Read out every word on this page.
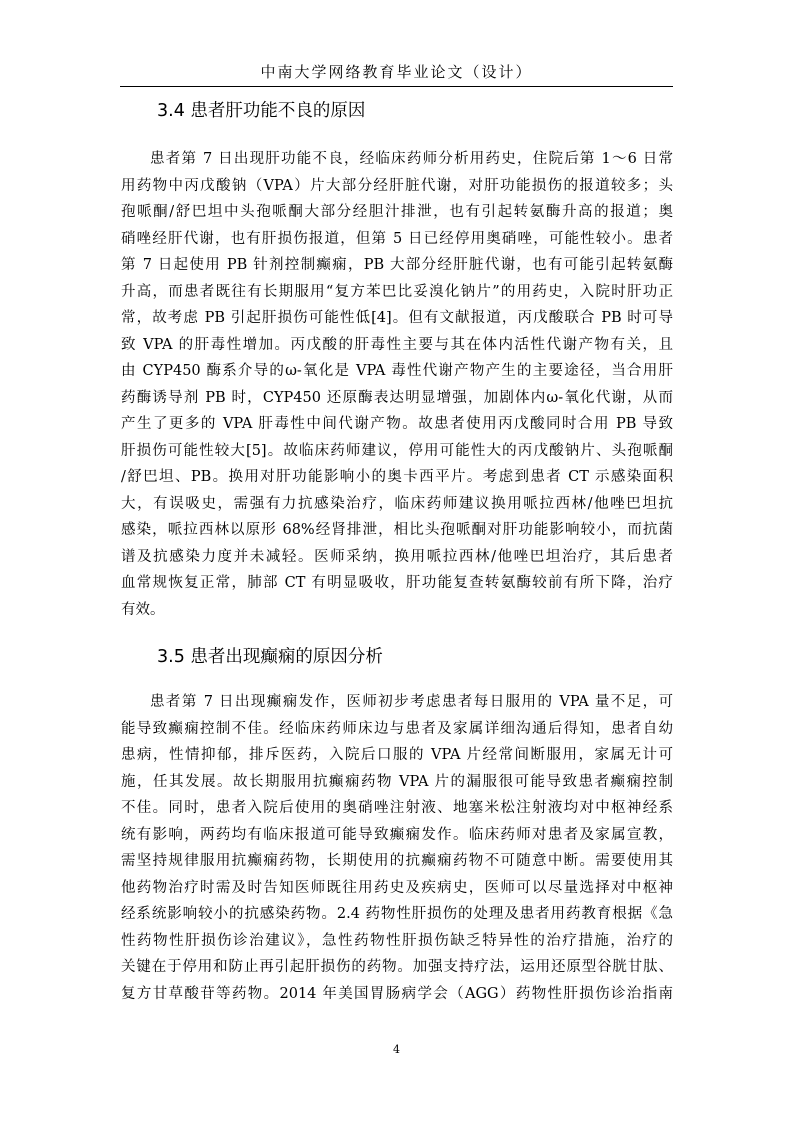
中南大学网络教育毕业论文（设计）
3.4 患者肝功能不良的原因
患者第 7 日出现肝功能不良，经临床药师分析用药史，住院后第 1～6 日常
用药物中丙戊酸钠（VPA）片大部分经肝脏代谢，对肝功能损伤的报道较多；头
孢哌酮/舒巴坦中头孢哌酮大部分经胆汁排泄，也有引起转氨酶升高的报道；奥
硝唑经肝代谢，也有肝损伤报道，但第 5 日已经停用奥硝唑，可能性较小。患者
第 7 日起使用 PB 针剂控制癫痫，PB 大部分经肝脏代谢，也有可能引起转氨酶
升高，而患者既往有长期服用“复方苯巴比妥溴化钠片”的用药史，入院时肝功正
常，故考虑 PB 引起肝损伤可能性低[4]。但有文献报道，丙戊酸联合 PB 时可导
致 VPA 的肝毒性增加。丙戊酸的肝毒性主要与其在体内活性代谢产物有关，且
由 CYP450 酶系介导的ω-氧化是 VPA 毒性代谢产物产生的主要途径，当合用肝
药酶诱导剂 PB 时，CYP450 还原酶表达明显增强，加剧体内ω-氧化代谢，从而
产生了更多的 VPA 肝毒性中间代谢产物。故患者使用丙戊酸同时合用 PB 导致
肝损伤可能性较大[5]。故临床药师建议，停用可能性大的丙戊酸钠片、头孢哌酮
/舒巴坦、PB。换用对肝功能影响小的奥卡西平片。考虑到患者 CT 示感染面积
大，有误吸史，需强有力抗感染治疗，临床药师建议换用哌拉西林/他唑巴坦抗
感染，哌拉西林以原形 68%经肾排泄，相比头孢哌酮对肝功能影响较小，而抗菌
谱及抗感染力度并未减轻。医师采纳，换用哌拉西林/他唑巴坦治疗，其后患者
血常规恢复正常，肺部 CT 有明显吸收，肝功能复查转氨酶较前有所下降，治疗
有效。
3.5 患者出现癫痫的原因分析
患者第 7 日出现癫痫发作，医师初步考虑患者每日服用的 VPA 量不足，可
能导致癫痫控制不佳。经临床药师床边与患者及家属详细沟通后得知，患者自幼
患病，性情抑郁，排斥医药，入院后口服的 VPA 片经常间断服用，家属无计可
施，任其发展。故长期服用抗癫痫药物 VPA 片的漏服很可能导致患者癫痫控制
不佳。同时，患者入院后使用的奥硝唑注射液、地塞米松注射液均对中枢神经系
统有影响，两药均有临床报道可能导致癫痫发作。临床药师对患者及家属宣教，
需坚持规律服用抗癫痫药物，长期使用的抗癫痫药物不可随意中断。需要使用其
他药物治疗时需及时告知医师既往用药史及疾病史，医师可以尽量选择对中枢神
经系统影响较小的抗感染药物。2.4 药物性肝损伤的处理及患者用药教育根据《急
性药物性肝损伤诊治建议》，急性药物性肝损伤缺乏特异性的治疗措施，治疗的
关键在于停用和防止再引起肝损伤的药物。加强支持疗法，运用还原型谷胱甘肽、
复方甘草酸苷等药物。2014 年美国胃肠病学会（AGG）药物性肝损伤诊治指南
4
